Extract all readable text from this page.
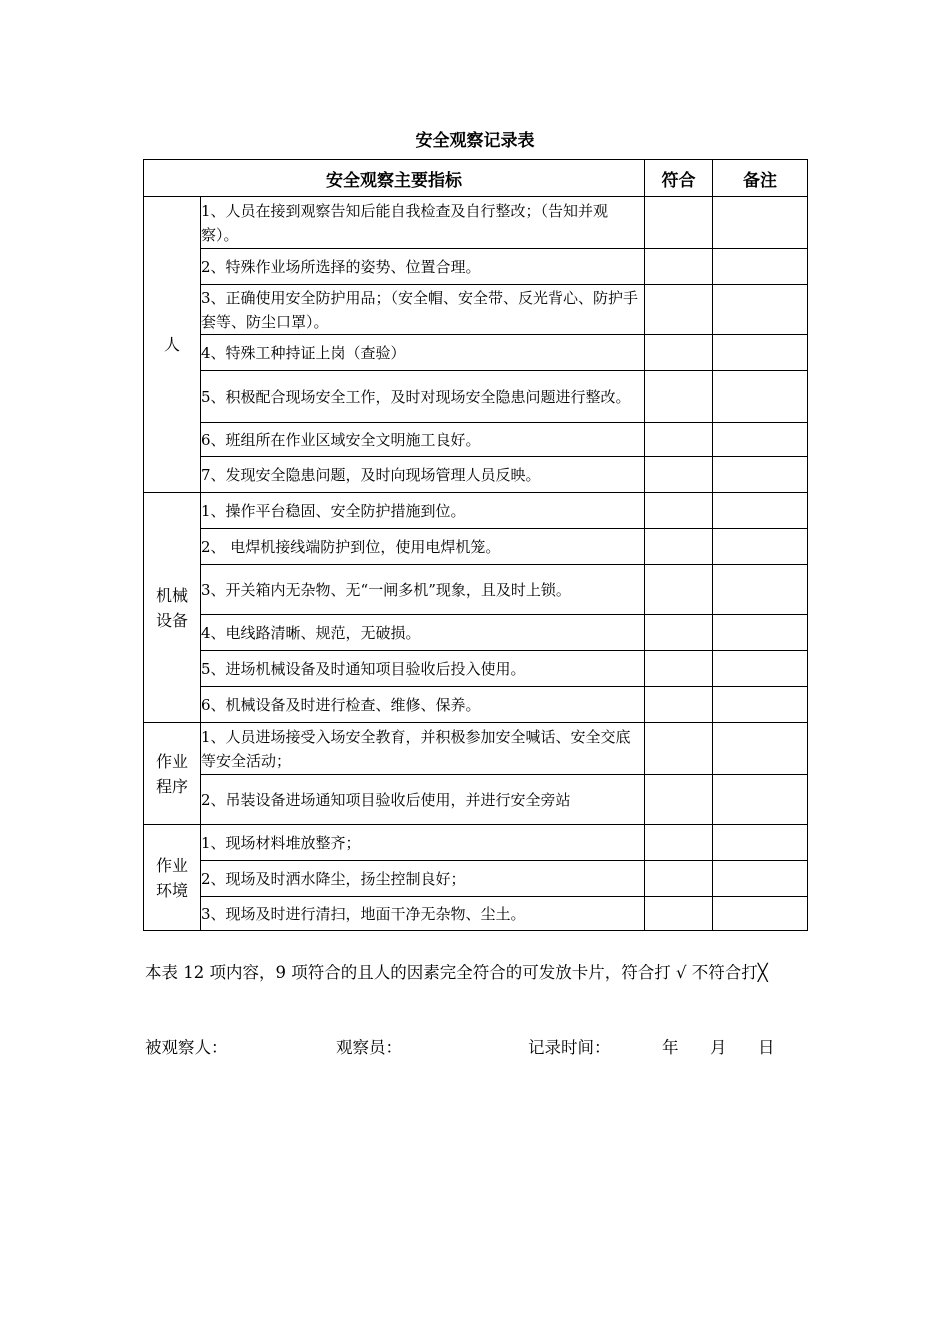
安全观察记录表
安全观察主要指标		符合	备注
人	1、人员在接到观察告知后能自我检查及自行整改；（告知并观察）。		
	2、特殊作业场所选择的姿势、位置合理。		
	3、正确使用安全防护用品；（安全帽、安全带、反光背心、防护手套等、防尘口罩）。		
	4、特殊工种持证上岗（查验）		
	5、积极配合现场安全工作，及时对现场安全隐患问题进行整改。		
	6、班组所在作业区域安全文明施工良好。		
	7、发现安全隐患问题，及时向现场管理人员反映。		
机械设备	1、操作平台稳固、安全防护措施到位。		
	2、 电焊机接线端防护到位，使用电焊机笼。		
	3、开关箱内无杂物、无“一闸多机”现象，且及时上锁。		
	4、电线路清晰、规范，无破损。		
	5、进场机械设备及时通知项目验收后投入使用。		
	6、机械设备及时进行检查、维修、保养。		
作业程序	1、人员进场接受入场安全教育，并积极参加安全喊话、安全交底等安全活动；		
	2、吊装设备进场通知项目验收后使用，并进行安全旁站		
作业环境	1、现场材料堆放整齐；		
	2、现场及时洒水降尘，扬尘控制良好；		
	3、现场及时进行清扫，地面干净无杂物、尘土。		
本表 12 项内容，9 项符合的且人的因素完全符合的可发放卡片，符合打 √ 不符合打╳
被观察人：	观察员：	记录时间：	年 月 日
